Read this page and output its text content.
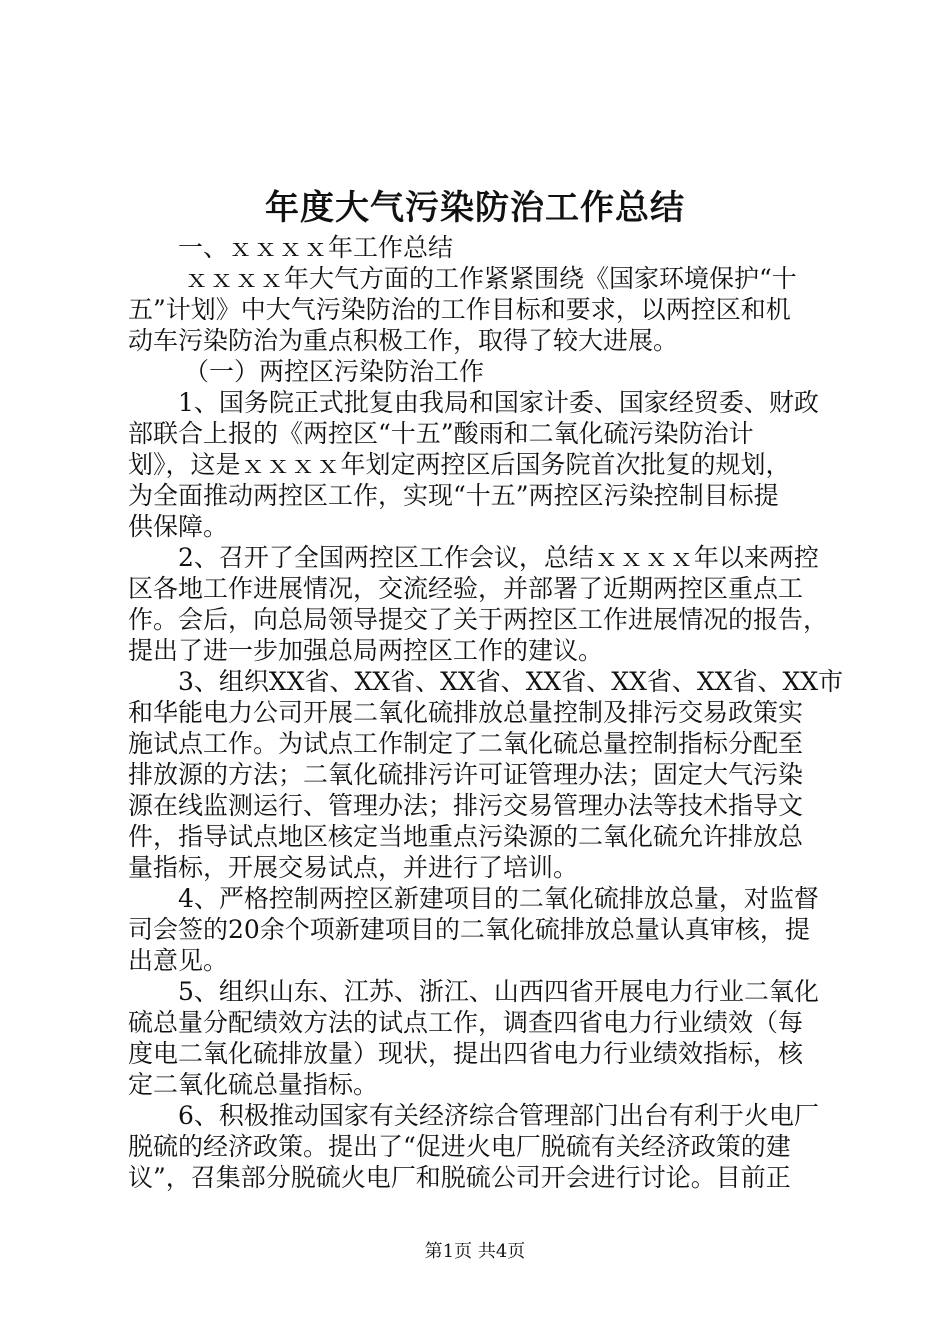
年度大气污染防治工作总结
一、ｘｘｘｘ年工作总结
ｘｘｘｘ年大气方面的工作紧紧围绕《国家环境保护“十
五”计划》中大气污染防治的工作目标和要求，以两控区和机
动车污染防治为重点积极工作，取得了较大进展。
（一）两控区污染防治工作
1、国务院正式批复由我局和国家计委、国家经贸委、财政
部联合上报的《两控区“十五”酸雨和二氧化硫污染防治计
划》，这是ｘｘｘｘ年划定两控区后国务院首次批复的规划，
为全面推动两控区工作，实现“十五”两控区污染控制目标提
供保障。
2、召开了全国两控区工作会议，总结ｘｘｘｘ年以来两控
区各地工作进展情况，交流经验，并部署了近期两控区重点工
作。会后，向总局领导提交了关于两控区工作进展情况的报告，
提出了进一步加强总局两控区工作的建议。
3、组织XX省、XX省、XX省、XX省、XX省、XX省、XX市
和华能电力公司开展二氧化硫排放总量控制及排污交易政策实
施试点工作。为试点工作制定了二氧化硫总量控制指标分配至
排放源的方法；二氧化硫排污许可证管理办法；固定大气污染
源在线监测运行、管理办法；排污交易管理办法等技术指导文
件，指导试点地区核定当地重点污染源的二氧化硫允许排放总
量指标，开展交易试点，并进行了培训。
4、严格控制两控区新建项目的二氧化硫排放总量，对监督
司会签的20余个项新建项目的二氧化硫排放总量认真审核，提
出意见。
5、组织山东、江苏、浙江、山西四省开展电力行业二氧化
硫总量分配绩效方法的试点工作，调查四省电力行业绩效（每
度电二氧化硫排放量）现状，提出四省电力行业绩效指标，核
定二氧化硫总量指标。
6、积极推动国家有关经济综合管理部门出台有利于火电厂
脱硫的经济政策。提出了“促进火电厂脱硫有关经济政策的建
议”，召集部分脱硫火电厂和脱硫公司开会进行讨论。目前正
第1页 共4页
